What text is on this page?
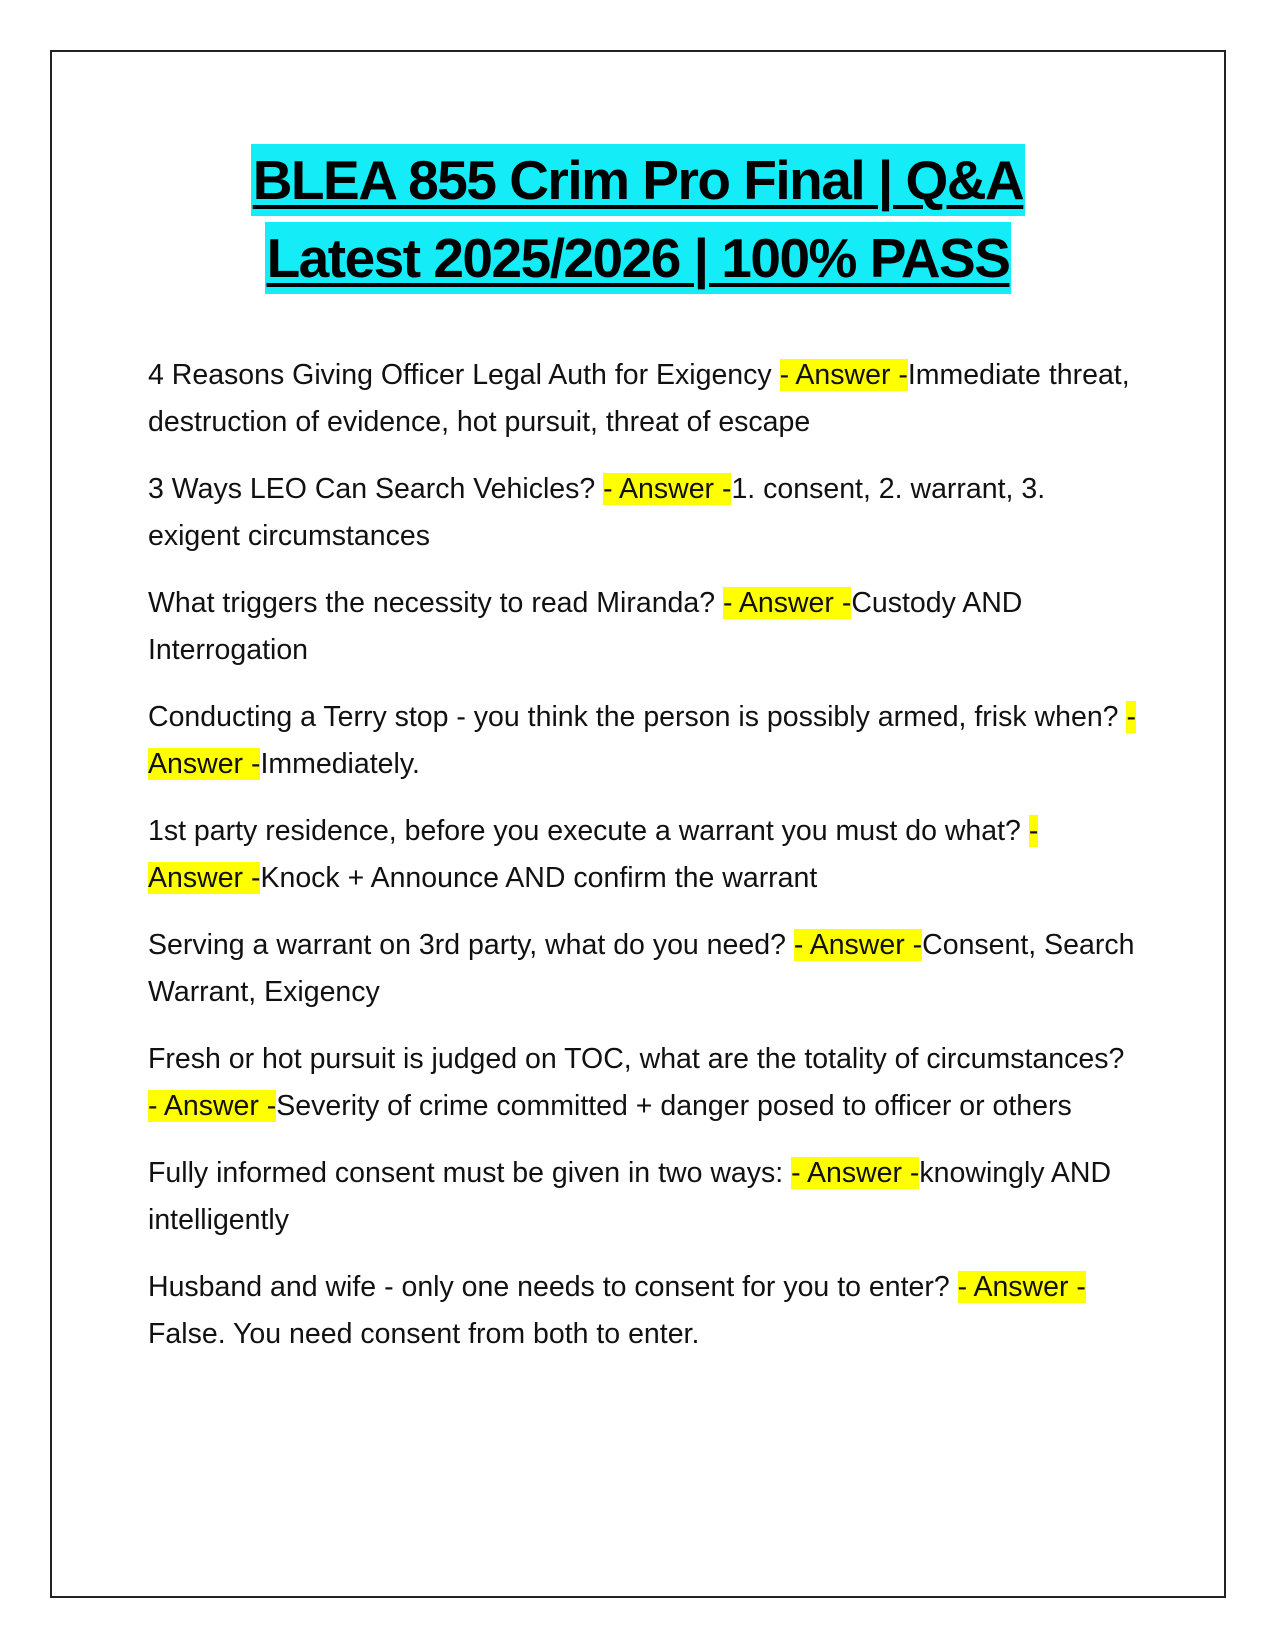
BLEA 855 Crim Pro Final | Q&A
Latest 2025/2026 | 100% PASS

4 Reasons Giving Officer Legal Auth for Exigency - Answer -Immediate threat, destruction of evidence, hot pursuit, threat of escape

3 Ways LEO Can Search Vehicles? - Answer -1. consent, 2. warrant, 3. exigent circumstances

What triggers the necessity to read Miranda? - Answer -Custody AND Interrogation

Conducting a Terry stop - you think the person is possibly armed, frisk when? - Answer -Immediately.

1st party residence, before you execute a warrant you must do what? - Answer -Knock + Announce AND confirm the warrant

Serving a warrant on 3rd party, what do you need? - Answer -Consent, Search Warrant, Exigency

Fresh or hot pursuit is judged on TOC, what are the totality of circumstances? - Answer -Severity of crime committed + danger posed to officer or others

Fully informed consent must be given in two ways: - Answer -knowingly AND intelligently

Husband and wife - only one needs to consent for you to enter? - Answer -False. You need consent from both to enter.
